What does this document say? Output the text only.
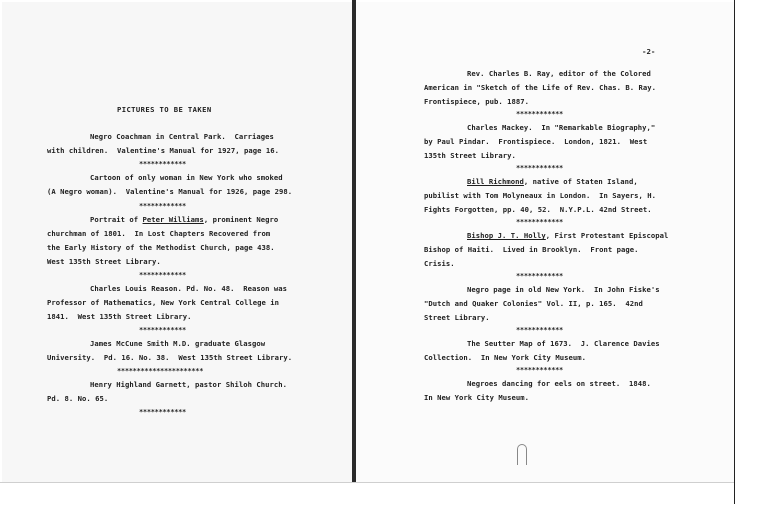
PICTURES TO BE TAKEN
Negro Coachman in Central Park.  Carriages
with children.  Valentine's Manual for 1927, page 16.
************
Cartoon of only woman in New York who smoked
(A Negro woman).  Valentine's Manual for 1926, page 298.
************
Portrait of Peter Williams, prominent Negro
churchman of 1801.  In Lost Chapters Recovered from
the Early History of the Methodist Church, page 438.
West 135th Street Library.
************
Charles Louis Reason. Pd. No. 48.  Reason was
Professor of Mathematics, New York Central College in
1841.  West 135th Street Library.
************
James McCune Smith M.D. graduate Glasgow
University.  Pd. 16. No. 38.  West 135th Street Library.
**********************
Henry Highland Garnett, pastor Shiloh Church.
Pd. 8. No. 65.
************
-2-
Rev. Charles B. Ray, editor of the Colored
American in "Sketch of the Life of Rev. Chas. B. Ray.
Frontispiece, pub. 1887.
************
Charles Mackey.  In "Remarkable Biography,"
by Paul Pindar.  Frontispiece.  London, 1821.  West
135th Street Library.
************
Bill Richmond, native of Staten Island,
pubilist with Tom Molyneaux in London.  In Sayers, H.
Fights Forgotten, pp. 40, 52.  N.Y.P.L. 42nd Street.
************
Bishop J. T. Holly, First Protestant Episcopal
Bishop of Haiti.  Lived in Brooklyn.  Front page.
Crisis.
************
Negro page in old New York.  In John Fiske's
"Dutch and Quaker Colonies" Vol. II, p. 165.  42nd
Street Library.
************
The Seutter Map of 1673.  J. Clarence Davies
Collection.  In New York City Museum.
************
Negroes dancing for eels on street.  1848.
In New York City Museum.
